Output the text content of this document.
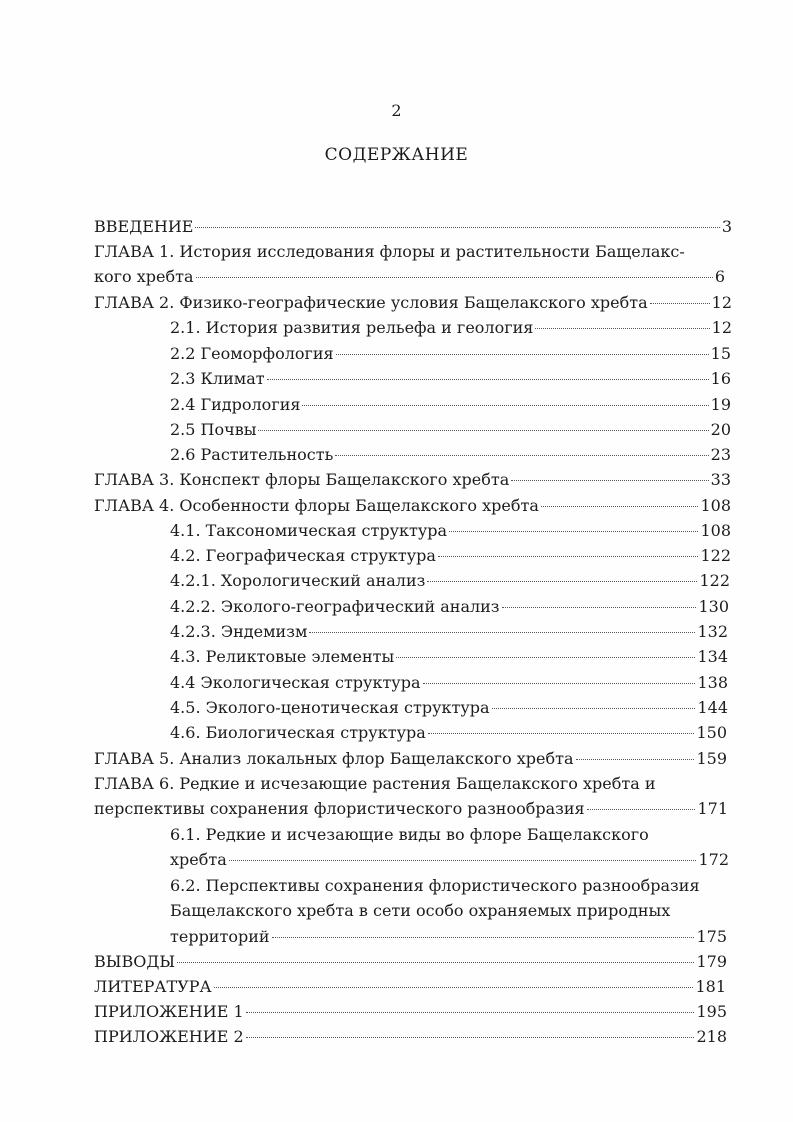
2
СОДЕРЖАНИЕ
ВВЕДЕНИЕ	3
ГЛАВА 1. История исследования флоры и растительности Бащелакс-
кого хребта	6
ГЛАВА 2. Физико-географические условия Бащелакского хребта	12
2.1. История развития рельефа и геология	12
2.2 Геоморфология	15
2.3 Климат	16
2.4 Гидрология	19
2.5 Почвы	20
2.6 Растительность	23
ГЛАВА 3. Конспект флоры Бащелакского хребта	33
ГЛАВА 4. Особенности флоры Бащелакского хребта	108
4.1. Таксономическая структура	108
4.2. Географическая структура	122
4.2.1. Хорологический анализ	122
4.2.2. Эколого-географический анализ	130
4.2.3. Эндемизм	132
4.3. Реликтовые элементы	134
4.4 Экологическая структура	138
4.5. Эколого-ценотическая структура	144
4.6. Биологическая структура	150
ГЛАВА 5. Анализ локальных флор Бащелакского хребта	159
ГЛАВА 6. Редкие и исчезающие растения Бащелакского хребта и
перспективы сохранения флористического разнообразия	171
6.1. Редкие и исчезающие виды во флоре Бащелакского
хребта	172
6.2. Перспективы сохранения флористического разнообразия
Бащелакского хребта в сети особо охраняемых природных
территорий	175
ВЫВОДЫ	179
ЛИТЕРАТУРА	181
ПРИЛОЖЕНИЕ 1	195
ПРИЛОЖЕНИЕ 2	218
